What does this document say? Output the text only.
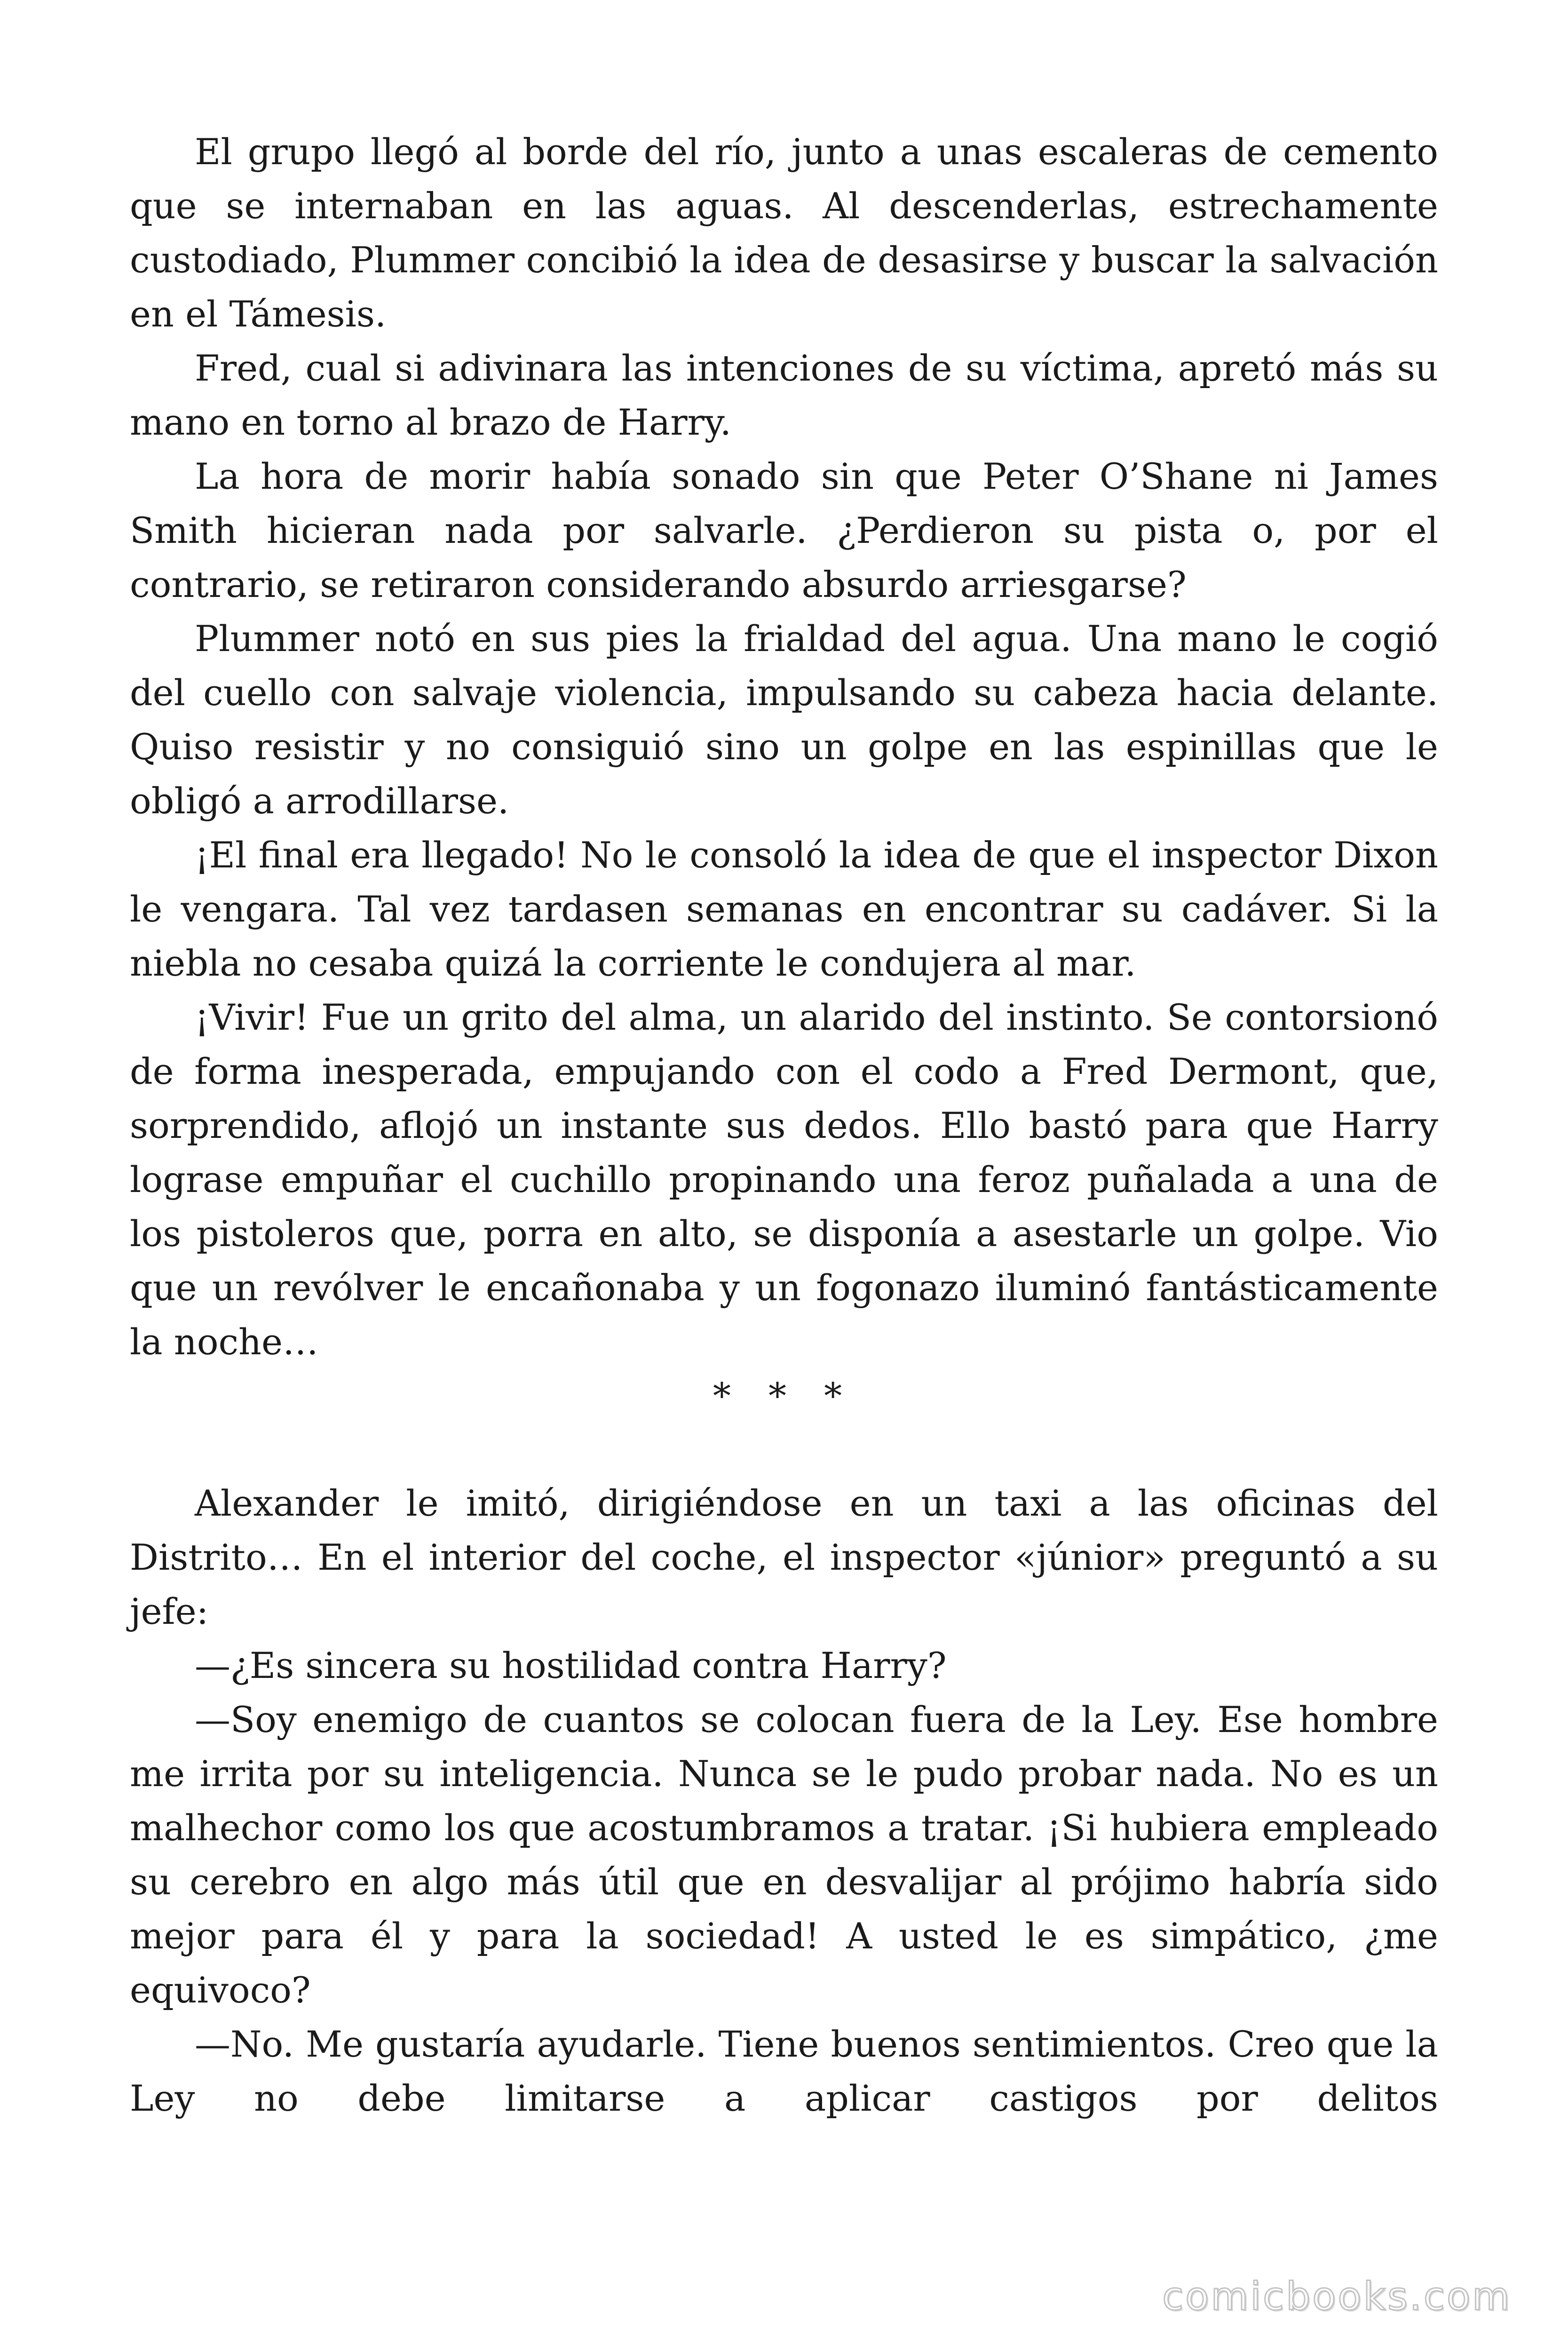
El grupo llegó al borde del río, junto a unas escaleras de cemento que se internaban en las aguas. Al descenderlas, estrechamente custodiado, Plummer concibió la idea de desasirse y buscar la salvación en el Támesis.

Fred, cual si adivinara las intenciones de su víctima, apretó más su mano en torno al brazo de Harry.

La hora de morir había sonado sin que Peter O’Shane ni James Smith hicieran nada por salvarle. ¿Perdieron su pista o, por el contrario, se retiraron considerando absurdo arriesgarse?

Plummer notó en sus pies la frialdad del agua. Una mano le cogió del cuello con salvaje violencia, impulsando su cabeza hacia delante. Quiso resistir y no consiguió sino un golpe en las espinillas que le obligó a arrodillarse.

¡El final era llegado! No le consoló la idea de que el inspector Dixon le vengara. Tal vez tardasen semanas en encontrar su cadáver. Si la niebla no cesaba quizá la corriente le condujera al mar.

¡Vivir! Fue un grito del alma, un alarido del instinto. Se contorsionó de forma inesperada, empujando con el codo a Fred Dermont, que, sorprendido, aflojó un instante sus dedos. Ello bastó para que Harry lograse empuñar el cuchillo propinando una feroz puñalada a una de los pistoleros que, porra en alto, se disponía a asestarle un golpe. Vio que un revólver le encañonaba y un fogonazo iluminó fantásticamente la noche…

* * *

Alexander le imitó, dirigiéndose en un taxi a las oficinas del Distrito… En el interior del coche, el inspector «júnior» preguntó a su jefe:

—¿Es sincera su hostilidad contra Harry?

—Soy enemigo de cuantos se colocan fuera de la Ley. Ese hombre me irrita por su inteligencia. Nunca se le pudo probar nada. No es un malhechor como los que acostumbramos a tratar. ¡Si hubiera empleado su cerebro en algo más útil que en desvalijar al prójimo habría sido mejor para él y para la sociedad! A usted le es simpático, ¿me equivoco?

—No. Me gustaría ayudarle. Tiene buenos sentimientos. Creo que la Ley no debe limitarse a aplicar castigos por delitos

comicbooks.com
